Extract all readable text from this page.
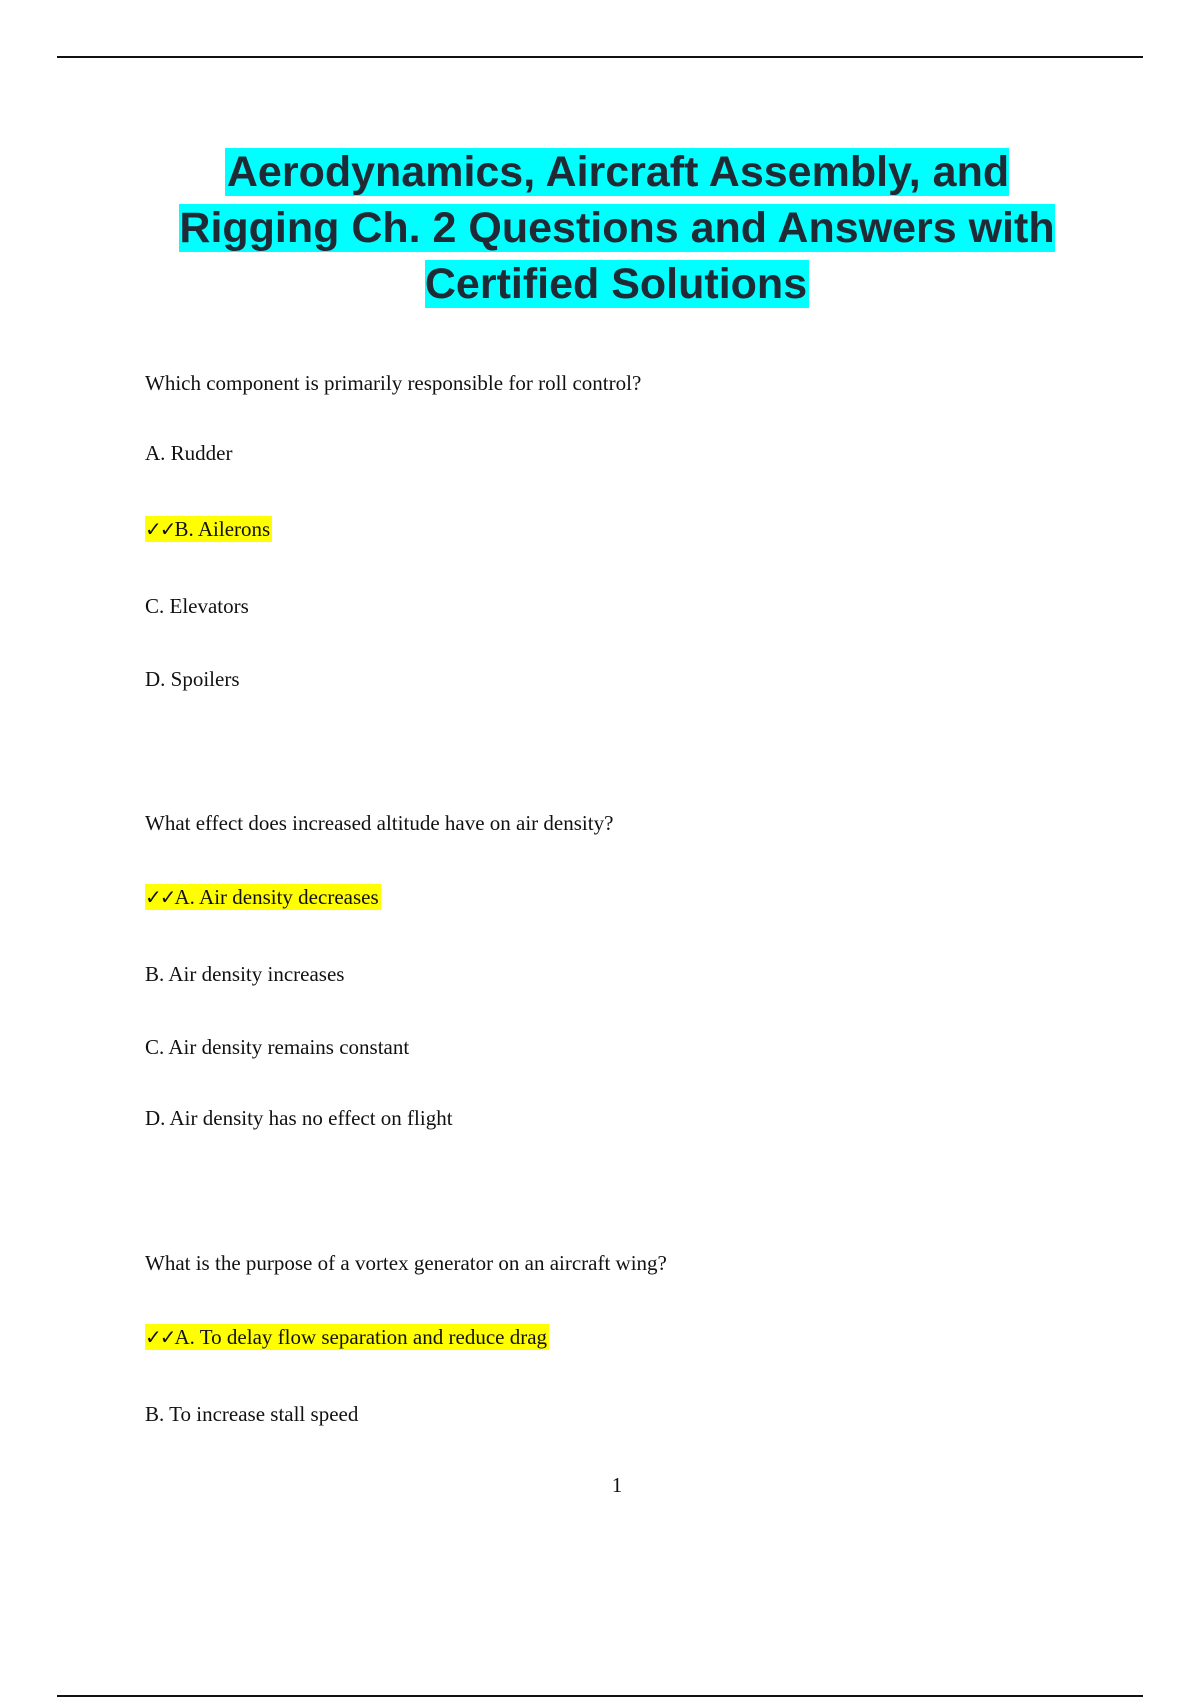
Aerodynamics, Aircraft Assembly, and Rigging Ch. 2 Questions and Answers with Certified Solutions
Which component is primarily responsible for roll control?
A. Rudder
✓✓B. Ailerons
C. Elevators
D. Spoilers
What effect does increased altitude have on air density?
✓✓A. Air density decreases
B. Air density increases
C. Air density remains constant
D. Air density has no effect on flight
What is the purpose of a vortex generator on an aircraft wing?
✓✓A. To delay flow separation and reduce drag
B. To increase stall speed
1
